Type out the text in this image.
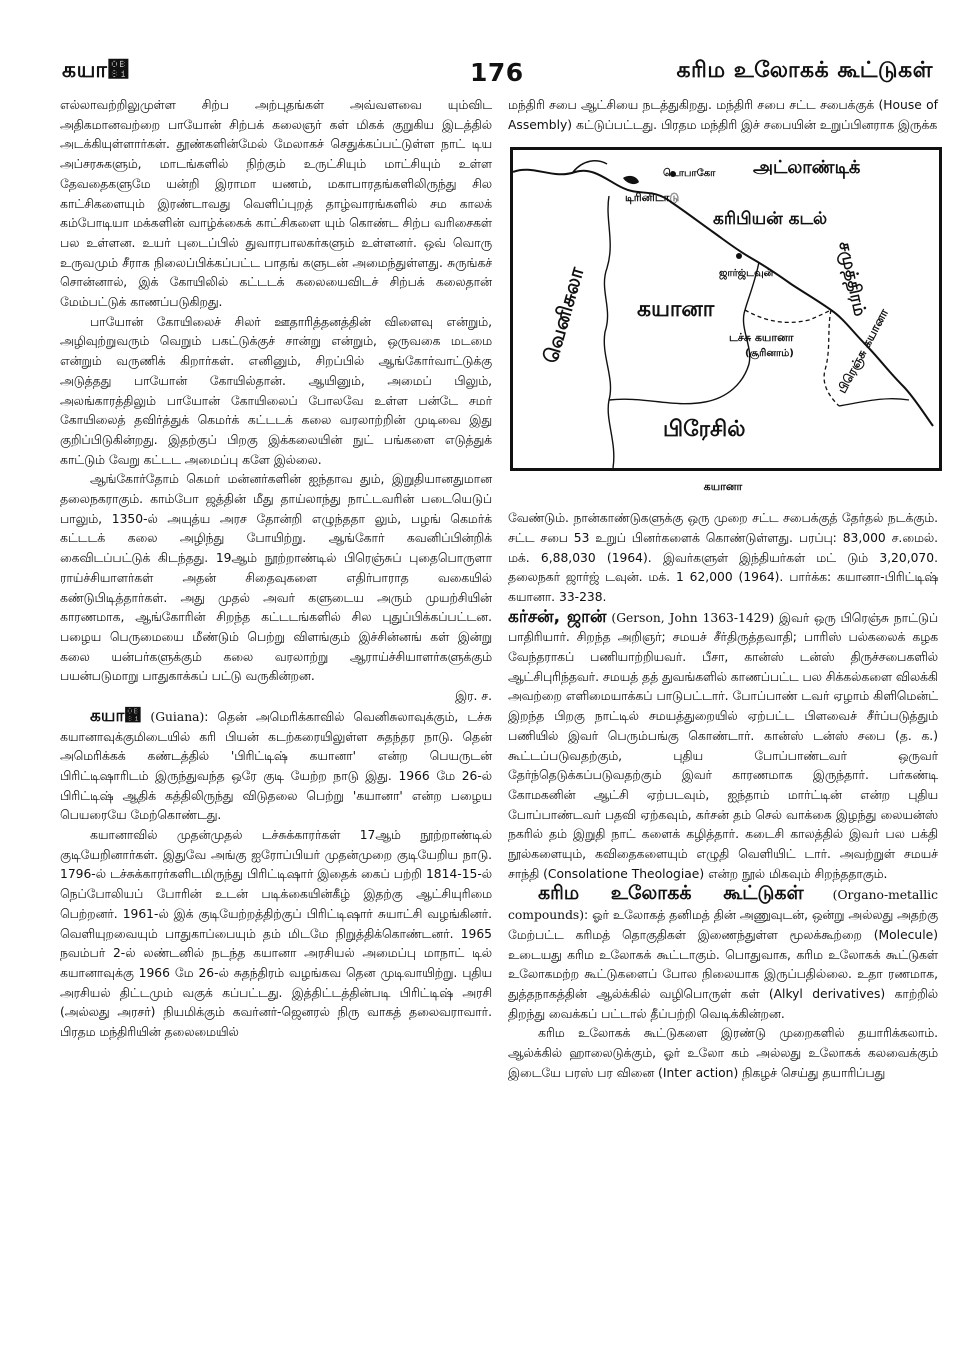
கயா஁	176	கரிம உலோகக் கூட்டுகள்

எல்லாவற்றிலுமுள்ள சிற்ப அற்புதங்கள் அவ்வளவை யும்விட அதிகமானவற்றை பாயோன் சிற்பக் கலைஞர் கள் மிகக் குறுகிய இடத்தில் அடக்கியுள்ளார்கள். தூண்களின்மேல் மேலாகச் செதுக்கப்பட்டுள்ள நாட் டிய அப்சரசுகளும், மாடங்களில் நிற்கும் உருட்சியும் மாட்சியும் உள்ள தேவதைகளுமே யன்றி இராமா யணம், மகாபாரதங்களிலிருந்து சில காட்சிகளையும் இரண்டாவது வெளிப்புறத் தாழ்வாரங்களில் சம காலக் கம்போடியா மக்களின் வாழ்க்கைக் காட்சிகளை யும் கொண்ட சிற்ப வரிசைகள் பல உள்ளன. உயர் புடைப்பில் துவாரபாலகர்களும் உள்ளனர். ஒவ் வொரு உருவமும் சீராக நிலைப்பிக்கப்பட்ட பாதங் களுடன் அமைந்துள்ளது. சுருங்கச் சொன்னால், இக் கோயிலில் கட்டடக் கலையைவிடச் சிற்பக் கலைதான் மேம்பட்டுக் காணப்படுகிறது.

பாயோன் கோயிலைச் சிலர் ஊதாரித்தனத்தின் விளைவு என்றும், அழிவுற்றுவரும் வெறும் பகட்டுக்குச் சான்று என்றும், ஒருவகை மடமை என்றும் வருணிக் கிறார்கள். எனினும், சிறப்பில் ஆங்கோர்வாட்டுக்கு அடுத்தது பாயோன் கோயில்தான். ஆயினும், அமைப் பிலும், அலங்காரத்திலும் பாயோன் கோயிலைப் போலவே உள்ள பன்டே சமர் கோயிலைத் தவிர்த்துக் கெமர்க் கட்டடக் கலை வரலாற்றின் முடிவை இது குறிப்பிடுகின்றது. இதற்குப் பிறகு இக்கலையின் நுட் பங்களை எடுத்துக் காட்டும் வேறு கட்டட அமைப்பு களே இல்லை.

ஆங்கோர்தோம் கெமர் மன்னர்களின் ஐந்தாவ தும், இறுதியானதுமான தலைநகராகும். காம்போ ஜத்தின் மீது தாய்லாந்து நாட்டவரின் படையெடுப் பாலும், 1350-ல் அயுத்ய அரச தோன்றி எழுந்ததா லும், பழங் கெமர்க் கட்டடக் கலை அழிந்து போயிற்று. ஆங்கோர் கவனிப்பின்றிக் கைவிடப்பட்டுக் கிடந்தது. 19ஆம் நூற்றாண்டில் பிரெஞ்சுப் புதைபொருளா ராய்ச்சியாளர்கள் அதன் சிதைவுகளை எதிர்பாராத வகையில் கண்டுபிடித்தார்கள். அது முதல் அவர் களுடைய அரும் முயற்சியின் காரணமாக, ஆங்கோரின் சிறந்த கட்டடங்களில் சில புதுப்பிக்கப்பட்டன. பழைய பெருமையை மீண்டும் பெற்று விளங்கும் இச்சின்னங் கள் இன்று கலை யன்பர்களுக்கும் கலை வரலாற்று ஆராய்ச்சியாளர்களுக்கும் பயன்படுமாறு பாதுகாக்கப் பட்டு வருகின்றன.

இர. ச.

கயா஁ (Guiana): தென் அமெரிக்காவில் வெனிசுலாவுக்கும், டச்சு கயானாவுக்குமிடையில் கரி பியன் கடற்கரையிலுள்ள சுதந்தர நாடு. தென் அமெரிக்கக் கண்டத்தில் 'பிரிட்டிஷ் கயானா' என்ற பெயருடன் பிரிட்டிஷாரிடம் இருந்துவந்த ஒரே குடி யேற்ற நாடு இது. 1966 மே 26-ல் பிரிட்டிஷ் ஆதிக் கத்திலிருந்து விடுதலை பெற்று 'கயானா' என்ற பழைய பெயரையே மேற்கொண்டது.

கயானாவில் முதன்முதல் டச்சுக்காரர்கள் 17ஆம் நூற்றாண்டில் குடியேறினார்கள். இதுவே அங்கு ஐரோப்பியர் முதன்முறை குடியேறிய நாடு. 1796-ல் டச்சுக்காரர்களிடமிருந்து பிரிட்டிஷார் இதைக் கைப் பற்றி 1814-15-ல் நெப்போலியப் போரின் உடன் படிக்கையின்கீழ் இதற்கு ஆட்சியுரிமை பெற்றனர். 1961-ல் இக் குடியேற்றத்திற்குப் பிரிட்டிஷார் சுயாட்சி வழங்கினர். வெளியுறவையும் பாதுகாப்பையும் தம் மிடமே நிறுத்திக்கொண்டனர். 1965 நவம்பர் 2-ல் லண்டனில் நடந்த கயானா அரசியல் அமைப்பு மாநாட் டில் கயானாவுக்கு 1966 மே 26-ல் சுதந்திரம் வழங்கவ தென முடிவாயிற்று. புதிய அரசியல் திட்டமும் வகுக் கப்பட்டது. இத்திட்டத்தின்படி பிரிட்டிஷ் அரசி (அல்லது அரசர்) நியமிக்கும் கவர்னர்-ஜெனரல் நிரு வாகத் தலைவராவார். பிரதம மந்திரியின் தலைமையில்

மந்திரி சபை ஆட்சியை நடத்துகிறது. மந்திரி சபை சட்ட சபைக்குக் (House of Assembly) கட்டுப்பட்டது. பிரதம மந்திரி இச் சபையின் உறுப்பினராக இருக்க

டொபாகோ
டிரினிடாடு
அட்லாண்டிக்
சமுத்திரம்
கரிபியன் கடல்
ஜார்ஜ்டவுன்
வெனிசுலா கயானா
டச்சு கயானா
(சூரினாம்)	பிரெஞ்சு கயானா
பிரேசில்
கயானா

வேண்டும். நான்காண்டுகளுக்கு ஒரு முறை சட்ட சபைக்குத் தேர்தல் நடக்கும். சட்ட சபை 53 உறுப் பினர்களைக் கொண்டுள்ளது. பரப்பு: 83,000 ச.மைல். மக். 6,88,030 (1964). இவர்களுள் இந்தியர்கள் மட் டும் 3,20,070. தலைநகர் ஜார்ஜ் டவுன். மக். 1 62,000 (1964). பார்க்க: கயானா-பிரிட்டிஷ் கயானா. 33-238.

கர்சன், ஜான் (Gerson, John 1363-1429) இவர் ஒரு பிரெஞ்சு நாட்டுப் பாதிரியார். சிறந்த அறிஞர்; சமயச் சீர்திருத்தவாதி; பாரிஸ் பல்கலைக் கழக வேந்தராகப் பணியாற்றியவர். பீசா, கான்ஸ் டன்ஸ் திருச்சபைகளில் ஆட்சிபுரிந்தவர். சமயத் தத் துவங்களில் காணப்பட்ட பல சிக்கல்களை விலக்கி அவற்றை எளிமையாக்கப் பாடுபட்டார். போப்பாண் டவர் ஏழாம் கிளிமென்ட் இறந்த பிறகு நாட்டில் சமயத்துறையில் ஏற்பட்ட பிளவைச் சீர்ப்படுத்தும் பணியில் இவர் பெரும்பங்கு கொண்டார். கான்ஸ் டன்ஸ் சபை (த. க.) கூட்டப்படுவதற்கும், புதிய போப்பாண்டவர் ஒருவர் தேர்ந்தெடுக்கப்படுவதற்கும் இவர் காரணமாக இருந்தார். பர்கண்டி கோமகனின் ஆட்சி ஏற்படவும், ஐந்தாம் மார்ட்டின் என்ற புதிய போப்பாண்டவர் பதவி ஏற்கவும், கர்சன் தம் செல் வாக்கை இழந்து லையன்ஸ் நகரில் தம் இறுதி நாட் களைக் கழித்தார். கடைசி காலத்தில் இவர் பல பக்தி நூல்களையும், கவிதைகளையும் எழுதி வெளியிட் டார். அவற்றுள் சமயச் சாந்தி (Consolatione Theologiae) என்ற நூல் மிகவும் சிறந்ததாகும்.

கரிம உலோகக் கூட்டுகள் (Organo-metallic compounds): ஓர் உலோகத் தனிமத் தின் அணுவுடன், ஒன்று அல்லது அதற்கு மேற்பட்ட கரிமத் தொகுதிகள் இணைந்துள்ள மூலக்கூற்றை (Molecule) உடையது கரிம உலோகக் கூட்டாகும். பொதுவாக, கரிம உலோகக் கூட்டுகள் உலோகமற்ற கூட்டுகளைப் போல நிலையாக இருப்பதில்லை. உதா ரணமாக, துத்தநாகத்தின் ஆல்க்கில் வழிபொருள் கள் (Alkyl derivatives) காற்றில் திறந்து வைக்கப் பட்டால் தீப்பற்றி வெடிக்கின்றன.

கரிம உலோகக் கூட்டுகளை இரண்டு முறைகளில் தயாரிக்கலாம். ஆல்க்கில் ஹாலைடுக்கும், ஓர் உலோ கம் அல்லது உலோகக் கலவைக்கும் இடையே பரஸ் பர வினை (Inter action) நிகழச் செய்து தயாரிப்பது
